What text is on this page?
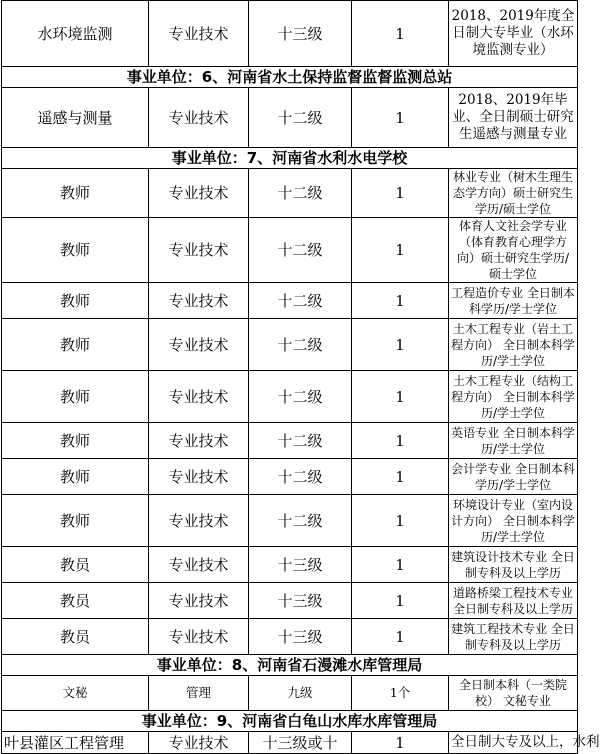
水环境监测	专业技术	十三级	1	2018、2019年度全日制大专毕业（水环境监测专业）
事业单位：6、河南省水土保持监督监督监测总站				
遥感与测量	专业技术	十二级	1	2018、2019年毕业、全日制硕士研究生遥感与测量专业
事业单位：7、河南省水利水电学校				
教师	专业技术	十二级	1	林业专业（树木生理生态学方向）硕士研究生学历/硕士学位
教师	专业技术	十二级	1	体育人文社会学专业（体育教育心理学方向）硕士研究生学历/硕士学位
教师	专业技术	十二级	1	工程造价专业 全日制本科学历/学士学位
教师	专业技术	十二级	1	土木工程专业（岩土工程方向） 全日制本科学历/学士学位
教师	专业技术	十二级	1	土木工程专业（结构工程方向） 全日制本科学历/学士学位
教师	专业技术	十二级	1	英语专业 全日制本科学历/学士学位
教师	专业技术	十二级	1	会计学专业 全日制本科学历/学士学位
教师	专业技术	十二级	1	环境设计专业（室内设计方向） 全日制本科学历/学士学位
教员	专业技术	十三级	1	建筑设计技术专业 全日制专科及以上学历
教员	专业技术	十三级	1	道路桥梁工程技术专业 全日制专科及以上学历
教员	专业技术	十三级	1	建筑工程技术专业 全日制专科及以上学历
事业单位：8、河南省石漫滩水库管理局				
文秘	管理	九级	1个	全日制本科（一类院校） 文秘专业
事业单位：9、河南省白龟山水库水库管理局				
叶县灌区工程管理	专业技术	十三级或十	1	全日制大专及以上，水利
